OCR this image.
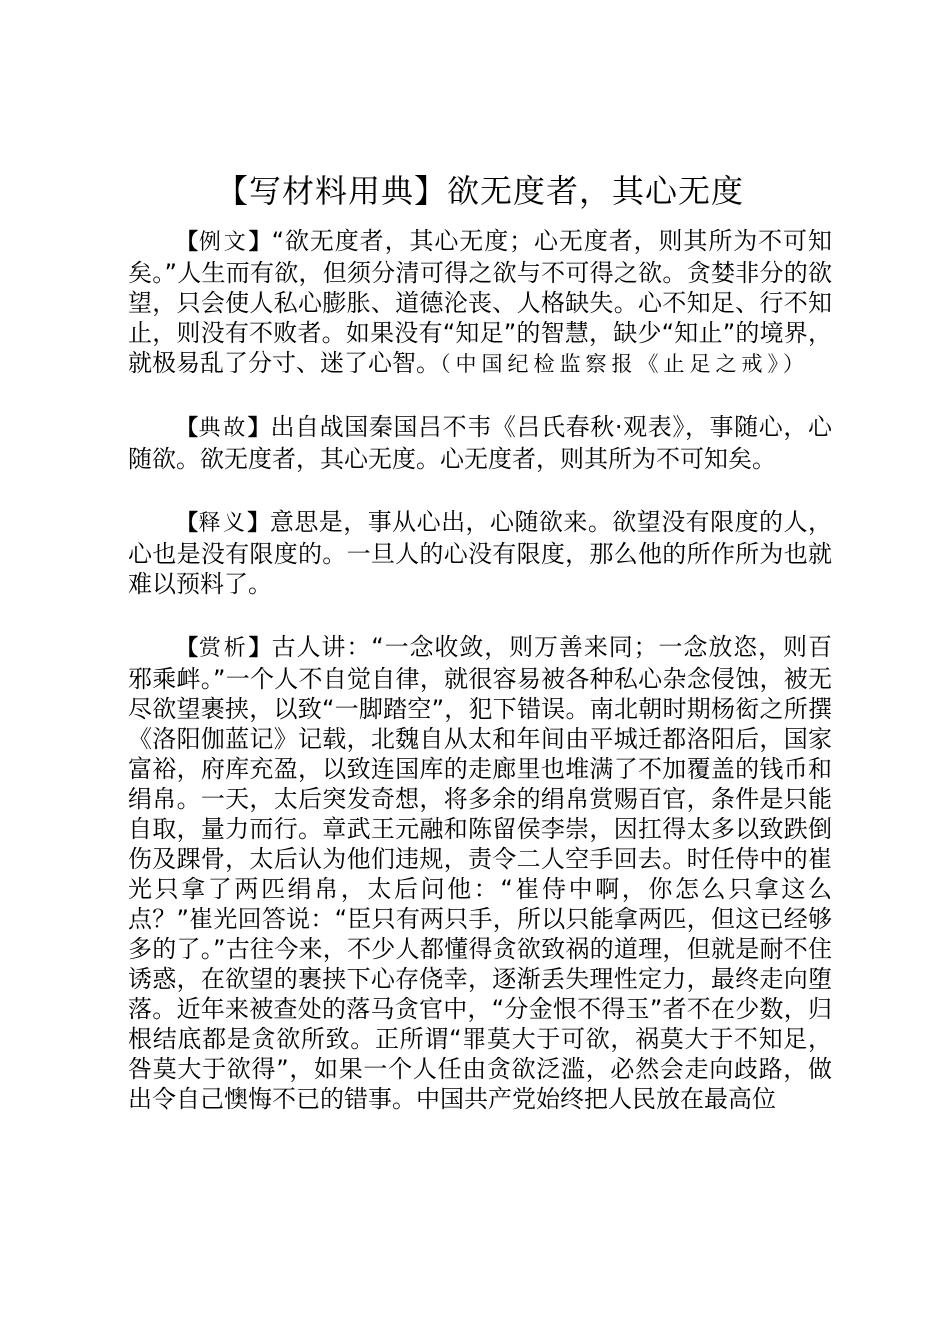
【写材料用典】欲无度者，其心无度

【例文】“欲无度者，其心无度；心无度者，则其所为不可知矣。”人生而有欲，但须分清可得之欲与不可得之欲。贪婪非分的欲望，只会使人私心膨胀、道德沦丧、人格缺失。心不知足、行不知止，则没有不败者。如果没有“知足”的智慧，缺少“知止”的境界，就极易乱了分寸、迷了心智。（中国纪检监察报《止足之戒》）

【典故】出自战国秦国吕不韦《吕氏春秋·观表》，事随心，心随欲。欲无度者，其心无度。心无度者，则其所为不可知矣。

【释义】意思是，事从心出，心随欲来。欲望没有限度的人，心也是没有限度的。一旦人的心没有限度，那么他的所作所为也就难以预料了。

【赏析】古人讲：“一念收敛，则万善来同；一念放恣，则百邪乘衅。”一个人不自觉自律，就很容易被各种私心杂念侵蚀，被无尽欲望裹挟，以致“一脚踏空”，犯下错误。南北朝时期杨衒之所撰《洛阳伽蓝记》记载，北魏自从太和年间由平城迁都洛阳后，国家富裕，府库充盈，以致连国库的走廊里也堆满了不加覆盖的钱币和绢帛。一天，太后突发奇想，将多余的绢帛赏赐百官，条件是只能自取，量力而行。章武王元融和陈留侯李崇，因扛得太多以致跌倒伤及踝骨，太后认为他们违规，责令二人空手回去。时任侍中的崔光只拿了两匹绢帛，太后问他：“崔侍中啊，你怎么只拿这么点？”崔光回答说：“臣只有两只手，所以只能拿两匹，但这已经够多的了。”古往今来，不少人都懂得贪欲致祸的道理，但就是耐不住诱惑，在欲望的裹挟下心存侥幸，逐渐丢失理性定力，最终走向堕落。近年来被查处的落马贪官中，“分金恨不得玉”者不在少数，归根结底都是贪欲所致。正所谓“罪莫大于可欲，祸莫大于不知足，咎莫大于欲得”，如果一个人任由贪欲泛滥，必然会走向歧路，做出令自己懊悔不已的错事。中国共产党始终把人民放在最高位
